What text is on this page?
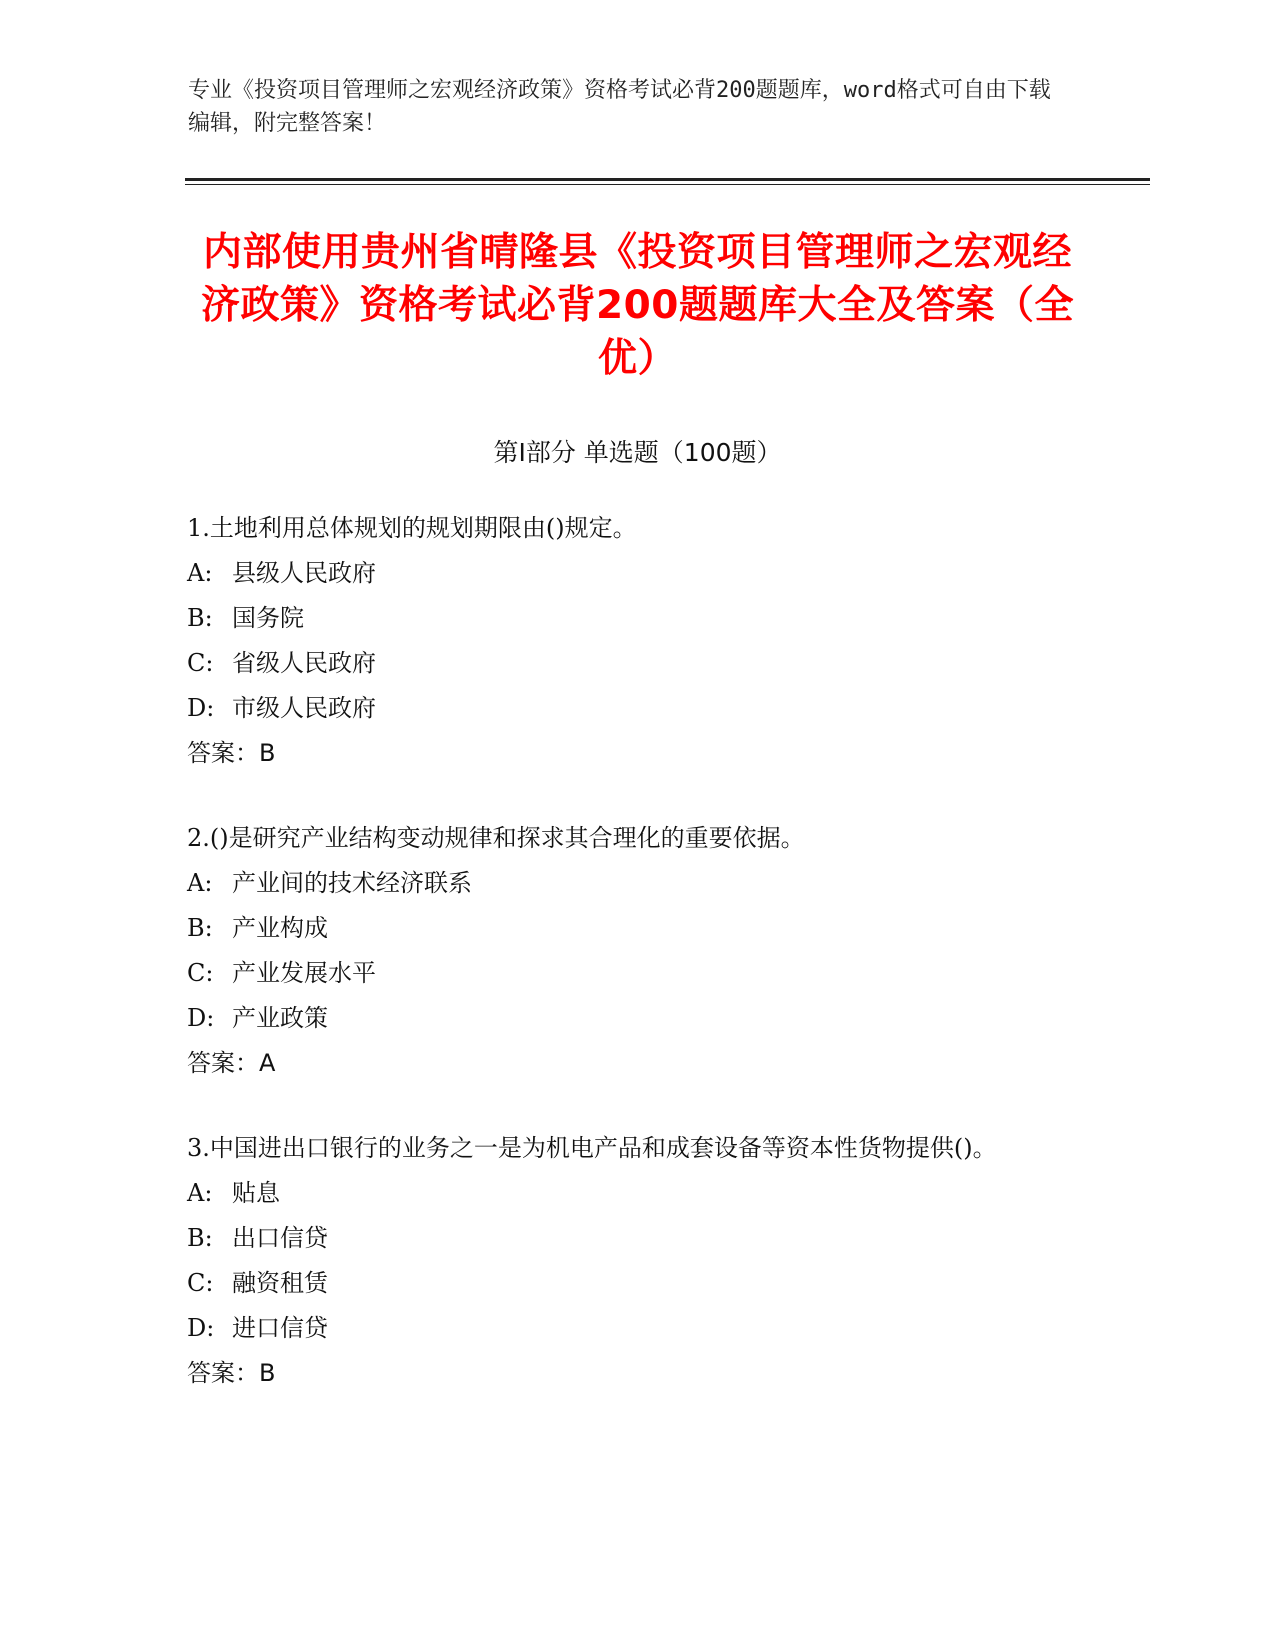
专业《投资项目管理师之宏观经济政策》资格考试必背200题题库，word格式可自由下载编辑，附完整答案！
内部使用贵州省晴隆县《投资项目管理师之宏观经济政策》资格考试必背200题题库大全及答案（全优）
第I部分 单选题（100题）

1.土地利用总体规划的规划期限由()规定。

A: 县级人民政府

B: 国务院

C: 省级人民政府

D: 市级人民政府

答案：B

2.()是研究产业结构变动规律和探求其合理化的重要依据。

A: 产业间的技术经济联系

B: 产业构成

C: 产业发展水平

D: 产业政策

答案：A

3.中国进出口银行的业务之一是为机电产品和成套设备等资本性货物提供()。

A: 贴息

B: 出口信贷

C: 融资租赁

D: 进口信贷

答案：B
